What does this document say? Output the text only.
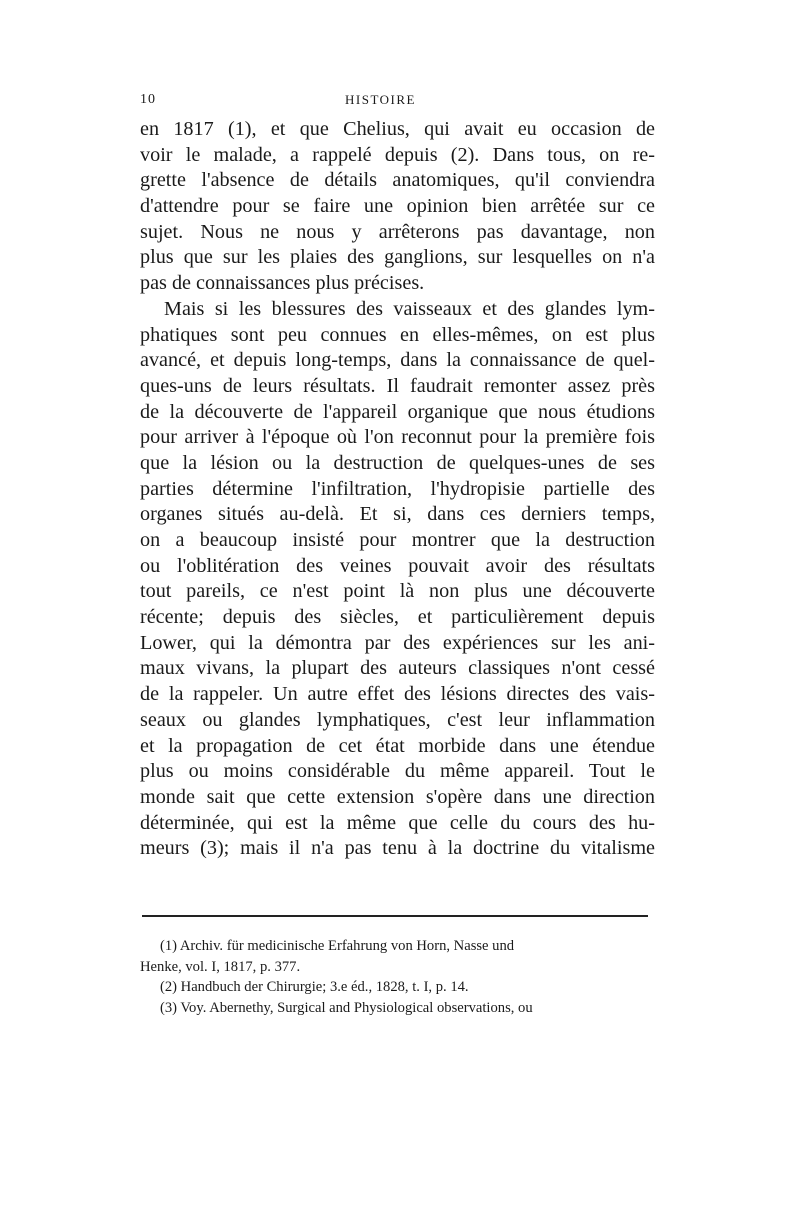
10	HISTOIRE
en 1817 (1), et que Chelius, qui avait eu occasion de
voir le malade, a rappelé depuis (2). Dans tous, on re-
grette l'absence de détails anatomiques, qu'il conviendra
d'attendre pour se faire une opinion bien arrêtée sur ce
sujet. Nous ne nous y arrêterons pas davantage, non
plus que sur les plaies des ganglions, sur lesquelles on n'a
pas de connaissances plus précises.
Mais si les blessures des vaisseaux et des glandes lym-
phatiques sont peu connues en elles-mêmes, on est plus
avancé, et depuis long-temps, dans la connaissance de quel-
ques-uns de leurs résultats. Il faudrait remonter assez près
de la découverte de l'appareil organique que nous étudions
pour arriver à l'époque où l'on reconnut pour la première fois
que la lésion ou la destruction de quelques-unes de ses
parties détermine l'infiltration, l'hydropisie partielle des
organes situés au-delà. Et si, dans ces derniers temps,
on a beaucoup insisté pour montrer que la destruction
ou l'oblitération des veines pouvait avoir des résultats
tout pareils, ce n'est point là non plus une découverte
récente; depuis des siècles, et particulièrement depuis
Lower, qui la démontra par des expériences sur les ani-
maux vivans, la plupart des auteurs classiques n'ont cessé
de la rappeler. Un autre effet des lésions directes des vais-
seaux ou glandes lymphatiques, c'est leur inflammation
et la propagation de cet état morbide dans une étendue
plus ou moins considérable du même appareil. Tout le
monde sait que cette extension s'opère dans une direction
déterminée, qui est la même que celle du cours des hu-
meurs (3); mais il n'a pas tenu à la doctrine du vitalisme
(1) Archiv. für medicinische Erfahrung von Horn, Nasse und
Henke, vol. I, 1817, p. 377.
(2) Handbuch der Chirurgie; 3.e éd., 1828, t. I, p. 14.
(3) Voy. Abernethy, Surgical and Physiological observations, ou
